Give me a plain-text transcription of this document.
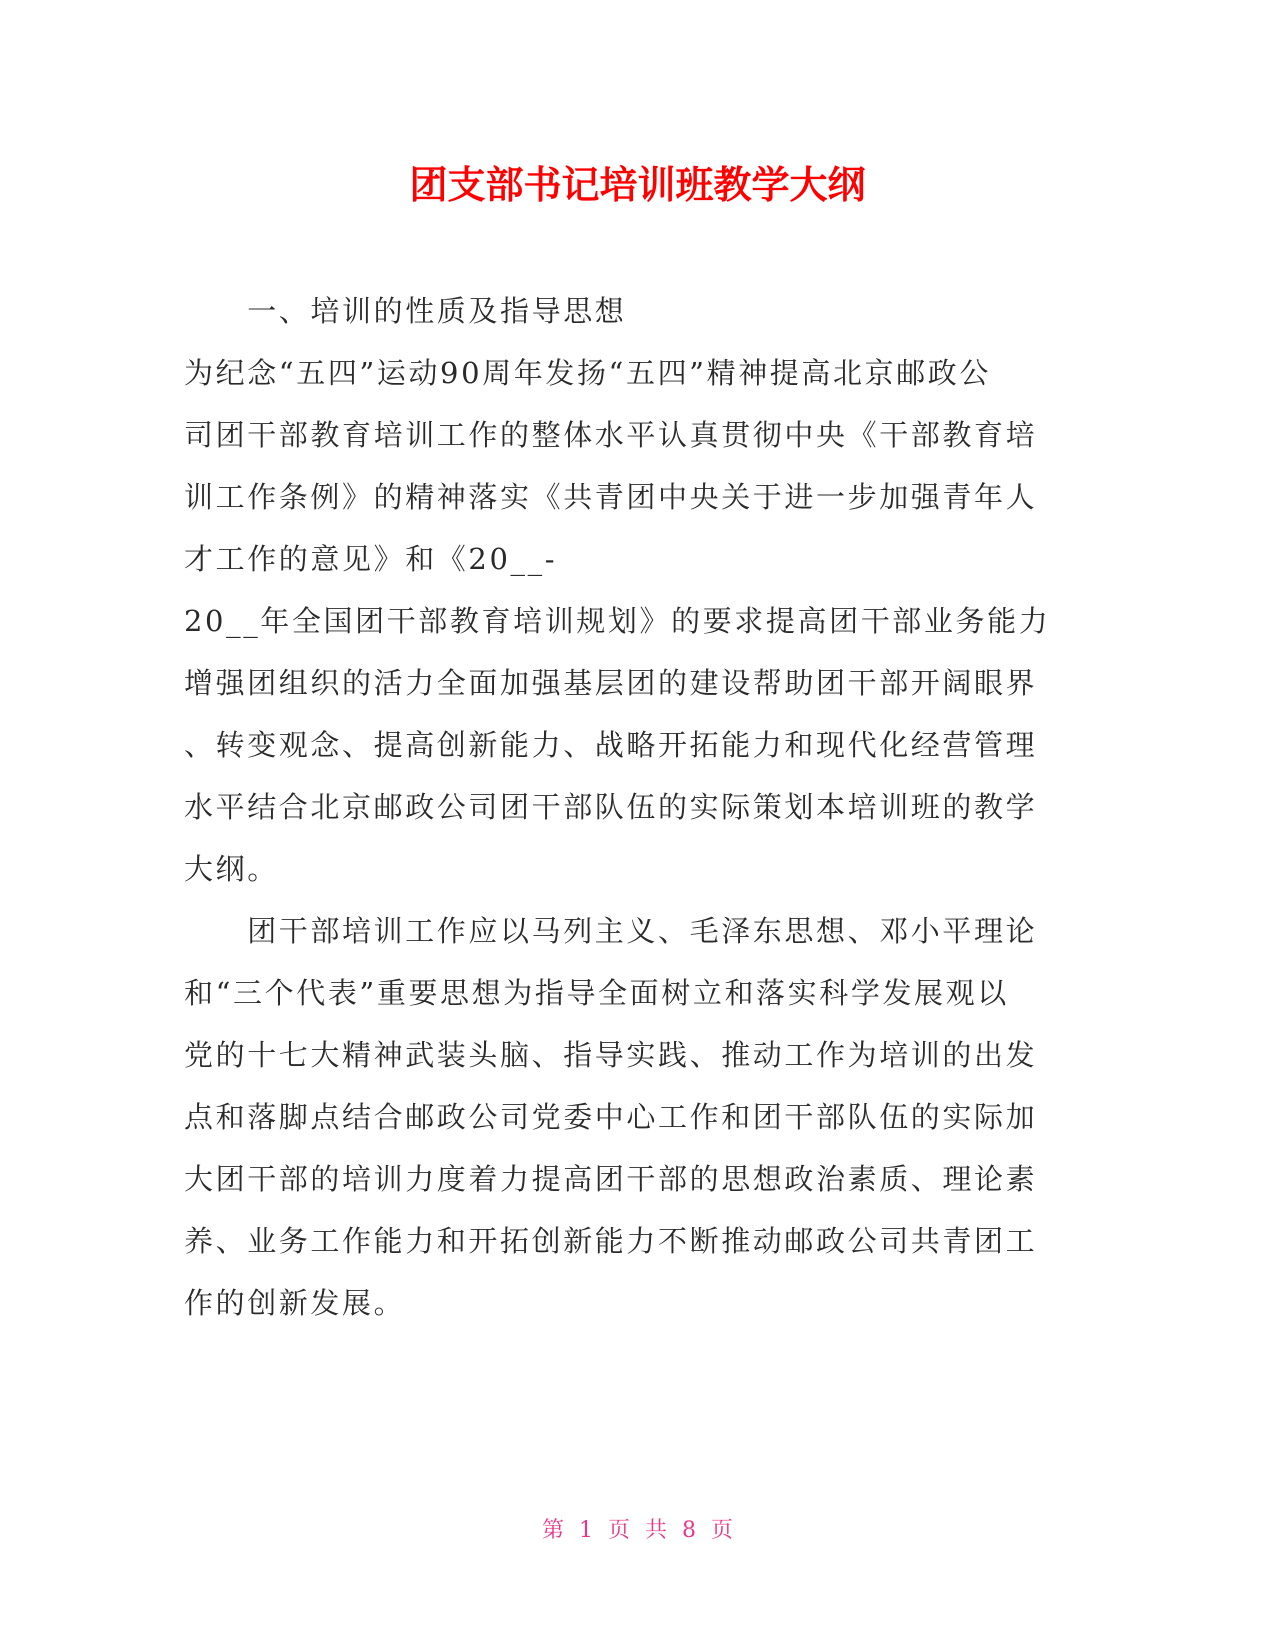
团支部书记培训班教学大纲
　　一、培训的性质及指导思想
为纪念“五四”运动90周年发扬“五四”精神提高北京邮政公
司团干部教育培训工作的整体水平认真贯彻中央《干部教育培
训工作条例》的精神落实《共青团中央关于进一步加强青年人
才工作的意见》和《20__-
20__年全国团干部教育培训规划》的要求提高团干部业务能力
增强团组织的活力全面加强基层团的建设帮助团干部开阔眼界
、转变观念、提高创新能力、战略开拓能力和现代化经营管理
水平结合北京邮政公司团干部队伍的实际策划本培训班的教学
大纲。
　　团干部培训工作应以马列主义、毛泽东思想、邓小平理论
和“三个代表”重要思想为指导全面树立和落实科学发展观以
党的十七大精神武装头脑、指导实践、推动工作为培训的出发
点和落脚点结合邮政公司党委中心工作和团干部队伍的实际加
大团干部的培训力度着力提高团干部的思想政治素质、理论素
养、业务工作能力和开拓创新能力不断推动邮政公司共青团工
作的创新发展。
第 1 页 共 8 页
